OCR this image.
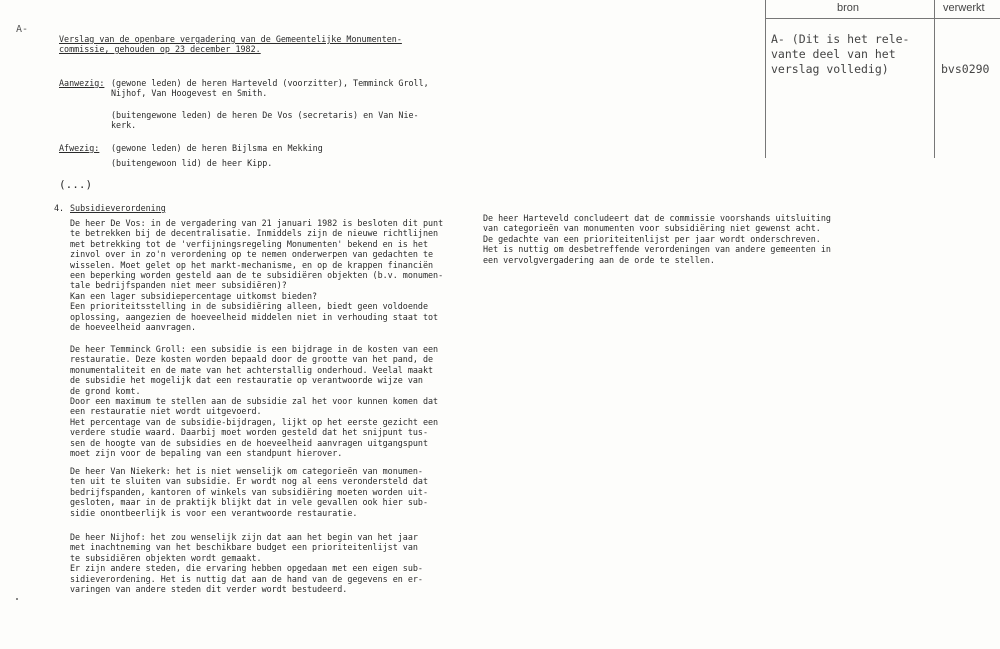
A-
bron	verwerkt
A- (Dit is het rele-
vante deel van het
verslag volledig)	bvs0290
Verslag van de openbare vergadering van de Gemeentelijke Monumenten-
commissie, gehouden op 23 december 1982.
Aanwezig: (gewone leden) de heren Harteveld (voorzitter), Temminck Groll,
Nijhof, Van Hoogevest en Smith.
(buitengewone leden) de heren De Vos (secretaris) en Van Nie-
kerk.
Afwezig: (gewone leden) de heren Bijlsma en Mekking
(buitengewoon lid) de heer Kipp.
(...)
4. Subsidieverordening
De heer De Vos: in de vergadering van 21 januari 1982 is besloten dit punt
te betrekken bij de decentralisatie. Inmiddels zijn de nieuwe richtlijnen
met betrekking tot de 'verfijningsregeling Monumenten' bekend en is het
zinvol over in zo'n verordening op te nemen onderwerpen van gedachten te
wisselen. Moet gelet op het markt-mechanisme, en op de krappen financiën
een beperking worden gesteld aan de te subsidiëren objekten (b.v. monumen-
tale bedrijfspanden niet meer subsidiëren)?
Kan een lager subsidiepercentage uitkomst bieden?
Een prioriteitsstelling in de subsidiëring alleen, biedt geen voldoende
oplossing, aangezien de hoeveelheid middelen niet in verhouding staat tot
de hoeveelheid aanvragen.
De heer Temminck Groll: een subsidie is een bijdrage in de kosten van een
restauratie. Deze kosten worden bepaald door de grootte van het pand, de
monumentaliteit en de mate van het achterstallig onderhoud. Veelal maakt
de subsidie het mogelijk dat een restauratie op verantwoorde wijze van
de grond komt.
Door een maximum te stellen aan de subsidie zal het voor kunnen komen dat
een restauratie niet wordt uitgevoerd.
Het percentage van de subsidie-bijdragen, lijkt op het eerste gezicht een
verdere studie waard. Daarbij moet worden gesteld dat het snijpunt tus-
sen de hoogte van de subsidies en de hoeveelheid aanvragen uitgangspunt
moet zijn voor de bepaling van een standpunt hierover.
De heer Van Niekerk: het is niet wenselijk om categorieën van monumen-
ten uit te sluiten van subsidie. Er wordt nog al eens verondersteld dat
bedrijfspanden, kantoren of winkels van subsidiëring moeten worden uit-
gesloten, maar in de praktijk blijkt dat in vele gevallen ook hier sub-
sidie onontbeerlijk is voor een verantwoorde restauratie.
De heer Nijhof: het zou wenselijk zijn dat aan het begin van het jaar
met inachtneming van het beschikbare budget een prioriteitenlijst van
te subsidiëren objekten wordt gemaakt.
Er zijn andere steden, die ervaring hebben opgedaan met een eigen sub-
sidieverordening. Het is nuttig dat aan de hand van de gegevens en er-
varingen van andere steden dit verder wordt bestudeerd.
De heer Harteveld concludeert dat de commissie voorshands uitsluiting
van categorieën van monumenten voor subsidiëring niet gewenst acht.
De gedachte van een prioriteitenlijst per jaar wordt onderschreven.
Het is nuttig om desbetreffende verordeningen van andere gemeenten in
een vervolgvergadering aan de orde te stellen.
